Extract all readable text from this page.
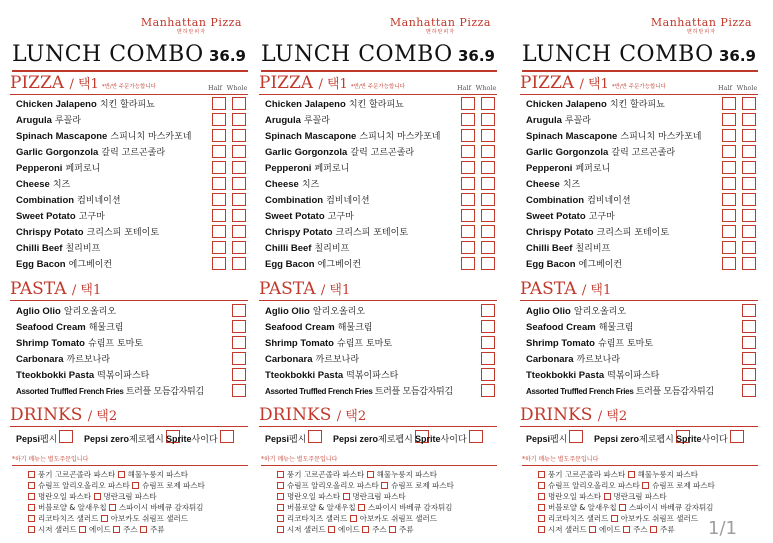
Manhattan Pizza
맨하탄피자
LUNCH COMBO 36.9
PIZZA / 택1 *반/반 주문가능합니다	Half Whole
Chicken Jalapeno 치킨 할라피뇨
Arugula 루꼴라
Spinach Mascapone 스피니치 마스카포네
Garlic Gorgonzola 갈릭 고르곤졸라
Pepperoni 페퍼로니
Cheese 치즈
Combination 컴비네이션
Sweet Potato 고구마
Chrispy Potato 크리스피 포테이토
Chilli Beef 칠리비프
Egg Bacon 에그베이컨
PASTA / 택1
Aglio Olio 알리오올리오
Seafood Cream 해물크림
Shrimp Tomato 슈림프 토마토
Carbonara 까르보나라
Tteokbokki Pasta 떡볶이파스타
Assorted Truffled French Fries 트러플 모듬감자튀김
DRINKS / 택2
Pepsi펩시	Pepsi zero제로펩시 Sprite사이다
*하기 메뉴는 별도주문입니다
풍기 고르곤졸라 파스타 해물누룽지 파스타
슈림프 알리오올리오 파스타 슈림프 로제 파스타
명란오일 파스타 명란크림 파스타
버블로얄 & 알새우칩 스파이시 바베큐 감자튀김
리코타치즈 샐러드 아보카도 쉬림프 샐러드
시저 샐러드 에이드 주스 주류
Manhattan Pizza
맨하탄피자
LUNCH COMBO 36.9
PIZZA / 택1 *반/반 주문가능합니다	Half Whole
Chicken Jalapeno 치킨 할라피뇨
Arugula 루꼴라
Spinach Mascapone 스피니치 마스카포네
Garlic Gorgonzola 갈릭 고르곤졸라
Pepperoni 페퍼로니
Cheese 치즈
Combination 컴비네이션
Sweet Potato 고구마
Chrispy Potato 크리스피 포테이토
Chilli Beef 칠리비프
Egg Bacon 에그베이컨
PASTA / 택1
Aglio Olio 알리오올리오
Seafood Cream 해물크림
Shrimp Tomato 슈림프 토마토
Carbonara 까르보나라
Tteokbokki Pasta 떡볶이파스타
Assorted Truffled French Fries 트러플 모듬감자튀김
DRINKS / 택2
Pepsi펩시	Pepsi zero제로펩시 Sprite사이다
*하기 메뉴는 별도주문입니다
풍기 고르곤졸라 파스타 해물누룽지 파스타
슈림프 알리오올리오 파스타 슈림프 로제 파스타
명란오일 파스타 명란크림 파스타
버블로얄 & 알새우칩 스파이시 바베큐 감자튀김
리코타치즈 샐러드 아보카도 쉬림프 샐러드
시저 샐러드 에이드 주스 주류
Manhattan Pizza
맨하탄피자
LUNCH COMBO 36.9
PIZZA / 택1 *반/반 주문가능합니다	Half Whole
Chicken Jalapeno 치킨 할라피뇨
Arugula 루꼴라
Spinach Mascapone 스피니치 마스카포네
Garlic Gorgonzola 갈릭 고르곤졸라
Pepperoni 페퍼로니
Cheese 치즈
Combination 컴비네이션
Sweet Potato 고구마
Chrispy Potato 크리스피 포테이토
Chilli Beef 칠리비프
Egg Bacon 에그베이컨
PASTA / 택1
Aglio Olio 알리오올리오
Seafood Cream 해물크림
Shrimp Tomato 슈림프 토마토
Carbonara 까르보나라
Tteokbokki Pasta 떡볶이파스타
Assorted Truffled French Fries 트러플 모듬감자튀김
DRINKS / 택2
Pepsi펩시	Pepsi zero제로펩시 Sprite사이다
*하기 메뉴는 별도주문입니다
풍기 고르곤졸라 파스타 해물누룽지 파스타
슈림프 알리오올리오 파스타 슈림프 로제 파스타
명란오일 파스타 명란크림 파스타
버블로얄 & 알새우칩 스파이시 바베큐 감자튀김
리코타치즈 샐러드 아보카도 쉬림프 샐러드
시저 샐러드 에이드 주스 주류 1/1
